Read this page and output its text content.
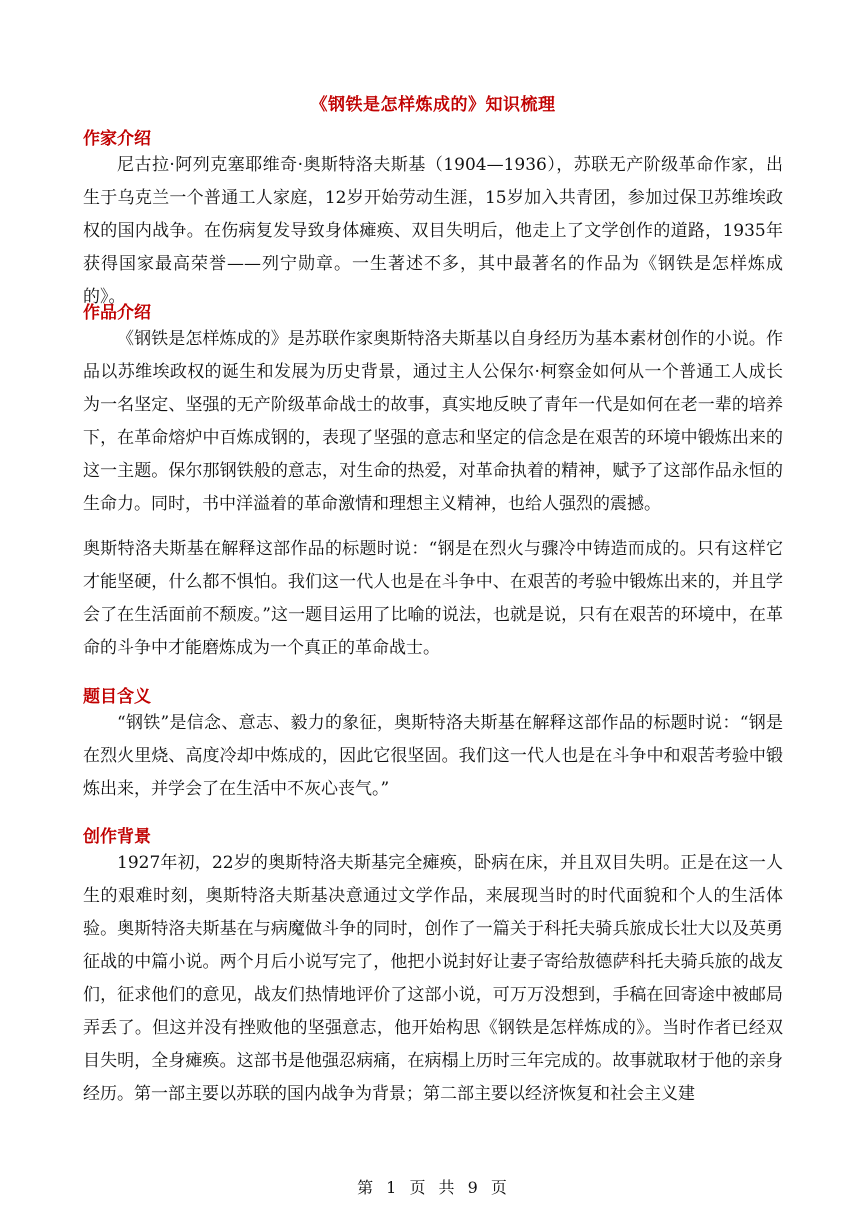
《钢铁是怎样炼成的》知识梳理
作家介绍

尼古拉·阿列克塞耶维奇·奥斯特洛夫斯基（1904—1936），苏联无产阶级革命作家，出生于乌克兰一个普通工人家庭，12岁开始劳动生涯，15岁加入共青团，参加过保卫苏维埃政权的国内战争。在伤病复发导致身体瘫痪、双目失明后，他走上了文学创作的道路，1935年获得国家最高荣誉——列宁勋章。一生著述不多，其中最著名的作品为《钢铁是怎样炼成的》。

作品介绍

《钢铁是怎样炼成的》是苏联作家奥斯特洛夫斯基以自身经历为基本素材创作的小说。作品以苏维埃政权的诞生和发展为历史背景，通过主人公保尔·柯察金如何从一个普通工人成长为一名坚定、坚强的无产阶级革命战士的故事，真实地反映了青年一代是如何在老一辈的培养下，在革命熔炉中百炼成钢的，表现了坚强的意志和坚定的信念是在艰苦的环境中锻炼出来的这一主题。保尔那钢铁般的意志，对生命的热爱，对革命执着的精神，赋予了这部作品永恒的生命力。同时，书中洋溢着的革命激情和理想主义精神，也给人强烈的震撼。

奥斯特洛夫斯基在解释这部作品的标题时说：“钢是在烈火与骤冷中铸造而成的。只有这样它才能坚硬，什么都不惧怕。我们这一代人也是在斗争中、在艰苦的考验中锻炼出来的，并且学会了在生活面前不颓废。”这一题目运用了比喻的说法，也就是说，只有在艰苦的环境中，在革命的斗争中才能磨炼成为一个真正的革命战士。

题目含义

“钢铁”是信念、意志、毅力的象征，奥斯特洛夫斯基在解释这部作品的标题时说：“钢是在烈火里烧、高度冷却中炼成的，因此它很坚固。我们这一代人也是在斗争中和艰苦考验中锻炼出来，并学会了在生活中不灰心丧气。”

创作背景

1927年初，22岁的奥斯特洛夫斯基完全瘫痪，卧病在床，并且双目失明。正是在这一人生的艰难时刻，奥斯特洛夫斯基决意通过文学作品，来展现当时的时代面貌和个人的生活体验。奥斯特洛夫斯基在与病魔做斗争的同时，创作了一篇关于科托夫骑兵旅成长壮大以及英勇征战的中篇小说。两个月后小说写完了，他把小说封好让妻子寄给敖德萨科托夫骑兵旅的战友们，征求他们的意见，战友们热情地评价了这部小说，可万万没想到，手稿在回寄途中被邮局弄丢了。但这并没有挫败他的坚强意志，他开始构思《钢铁是怎样炼成的》。当时作者已经双目失明，全身瘫痪。这部书是他强忍病痛，在病榻上历时三年完成的。故事就取材于他的亲身经历。第一部主要以苏联的国内战争为背景；第二部主要以经济恢复和社会主义建

第 1 页 共 9 页
